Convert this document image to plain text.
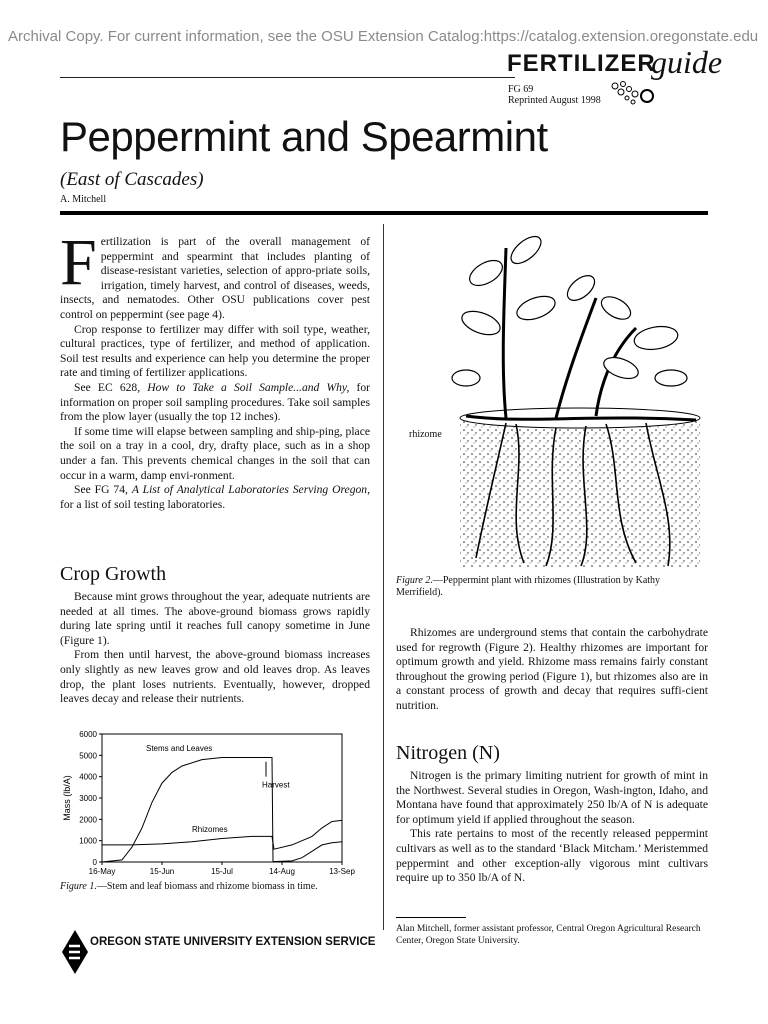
Archival Copy. For current information, see the OSU Extension Catalog:https://catalog.extension.oregonstate.edu
FERTILIZER
guide
FG 69
Reprinted August 1998
Peppermint and Spearmint
(East of Cascades)
A. Mitchell

Fertilization is part of the overall management of peppermint and spearmint that includes planting of disease-resistant varieties, selection of appro-priate soils, irrigation, timely harvest, and control of diseases, weeds, insects, and nematodes. Other OSU publications cover pest control on peppermint (see page 4).

Crop response to fertilizer may differ with soil type, weather, cultural practices, type of fertilizer, and method of application. Soil test results and experience can help you determine the proper rate and timing of fertilizer applications.

See EC 628, How to Take a Soil Sample...and Why, for information on proper soil sampling procedures. Take soil samples from the plow layer (usually the top 12 inches).

If some time will elapse between sampling and ship-ping, place the soil on a tray in a cool, dry, drafty place, such as in a shop under a fan. This prevents chemical changes in the soil that can occur in a warm, damp envi-ronment.

See FG 74, A List of Analytical Laboratories Serving Oregon, for a list of soil testing laboratories.

Crop Growth

Because mint grows throughout the year, adequate nutrients are needed at all times. The above-ground biomass grows rapidly during late spring until it reaches full canopy sometime in June (Figure 1).

From then until harvest, the above-ground biomass increases only slightly as new leaves grow and old leaves drop. As leaves drop, the plant loses nutrients. Eventually, however, dropped leaves decay and release their nutrients.

0
1000
2000
3000
4000
5000
6000
16-May	15-Jun	15-Jul	14-Aug	13-Sep
Mass (lb/A)
Stems and Leaves
Rhizomes
Harvest
Figure 1.—Stem and leaf biomass and rhizome biomass in time.
rhizome
Figure 2.—Peppermint plant with rhizomes (Illustration by Kathy Merrifield).

Rhizomes are underground stems that contain the carbohydrate used for regrowth (Figure 2). Healthy rhizomes are important for optimum growth and yield. Rhizome mass remains fairly constant throughout the growing period (Figure 1), but rhizomes also are in a constant process of growth and decay that requires suffi-cient nutrition.

Nitrogen (N)

Nitrogen is the primary limiting nutrient for growth of mint in the Northwest. Several studies in Oregon, Wash-ington, Idaho, and Montana have found that approximately 250 lb/A of N is adequate for optimum yield if applied throughout the season.

This rate pertains to most of the recently released peppermint cultivars as well as to the standard ‘Black Mitcham.’ Meristemmed peppermint and other exception-ally vigorous mint cultivars require up to 350 lb/A of N.

Alan Mitchell, former assistant professor, Central Oregon Agricultural Research Center, Oregon State University.
OREGON STATE UNIVERSITY EXTENSION SERVICE
